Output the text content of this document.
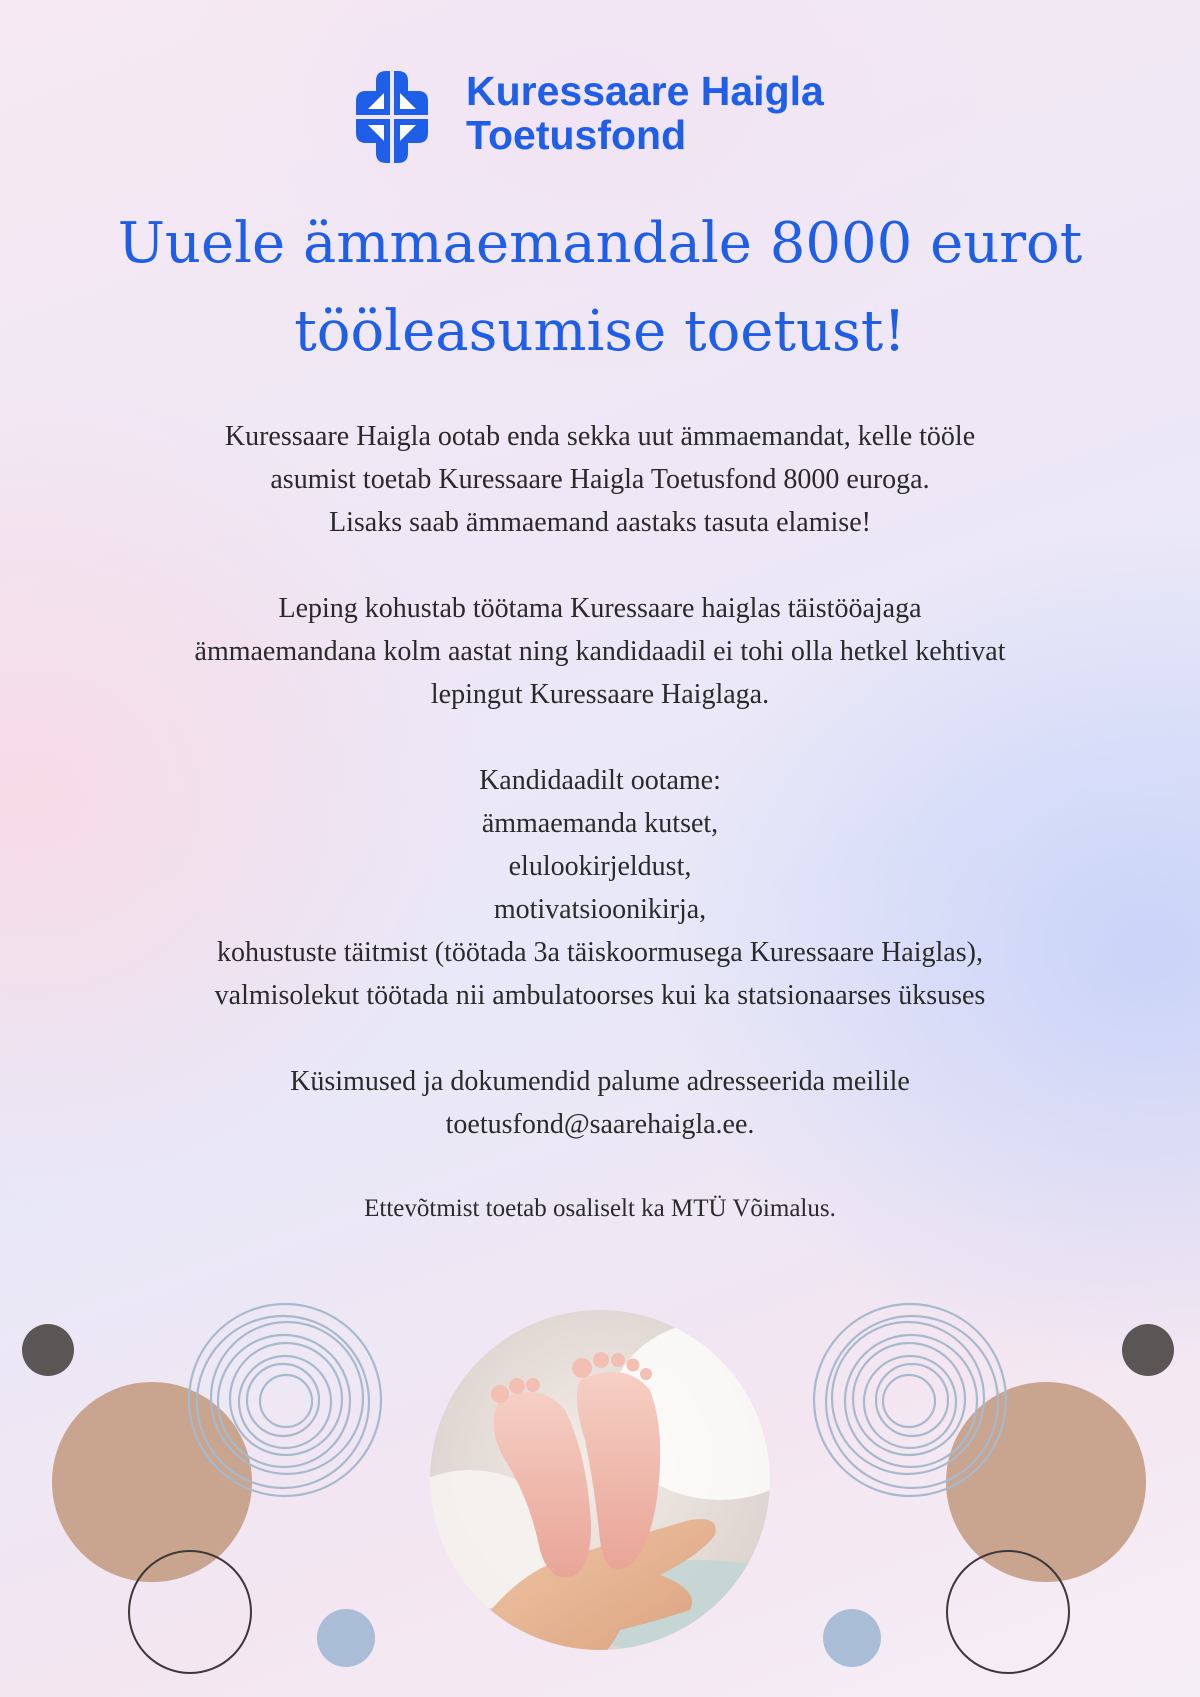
Kuressaare Haigla
Toetusfond
Uuele ämmaemandale 8000 eurot
tööleasumise toetust!
Kuressaare Haigla ootab enda sekka uut ämmaemandat, kelle tööle
asumist toetab Kuressaare Haigla Toetusfond 8000 euroga.
Lisaks saab ämmaemand aastaks tasuta elamise!
Leping kohustab töötama Kuressaare haiglas täistööajaga
ämmaemandana kolm aastat ning kandidaadil ei tohi olla hetkel kehtivat
lepingut Kuressaare Haiglaga.
Kandidaadilt ootame:
ämmaemanda kutset,
elulookirjeldust,
motivatsioonikirja,
kohustuste täitmist (töötada 3a täiskoormusega Kuressaare Haiglas),
valmisolekut töötada nii ambulatoorses kui ka statsionaarses üksuses
Küsimused ja dokumendid palume adresseerida meilile
toetusfond@saarehaigla.ee.
Ettevõtmist toetab osaliselt ka MTÜ Võimalus.
